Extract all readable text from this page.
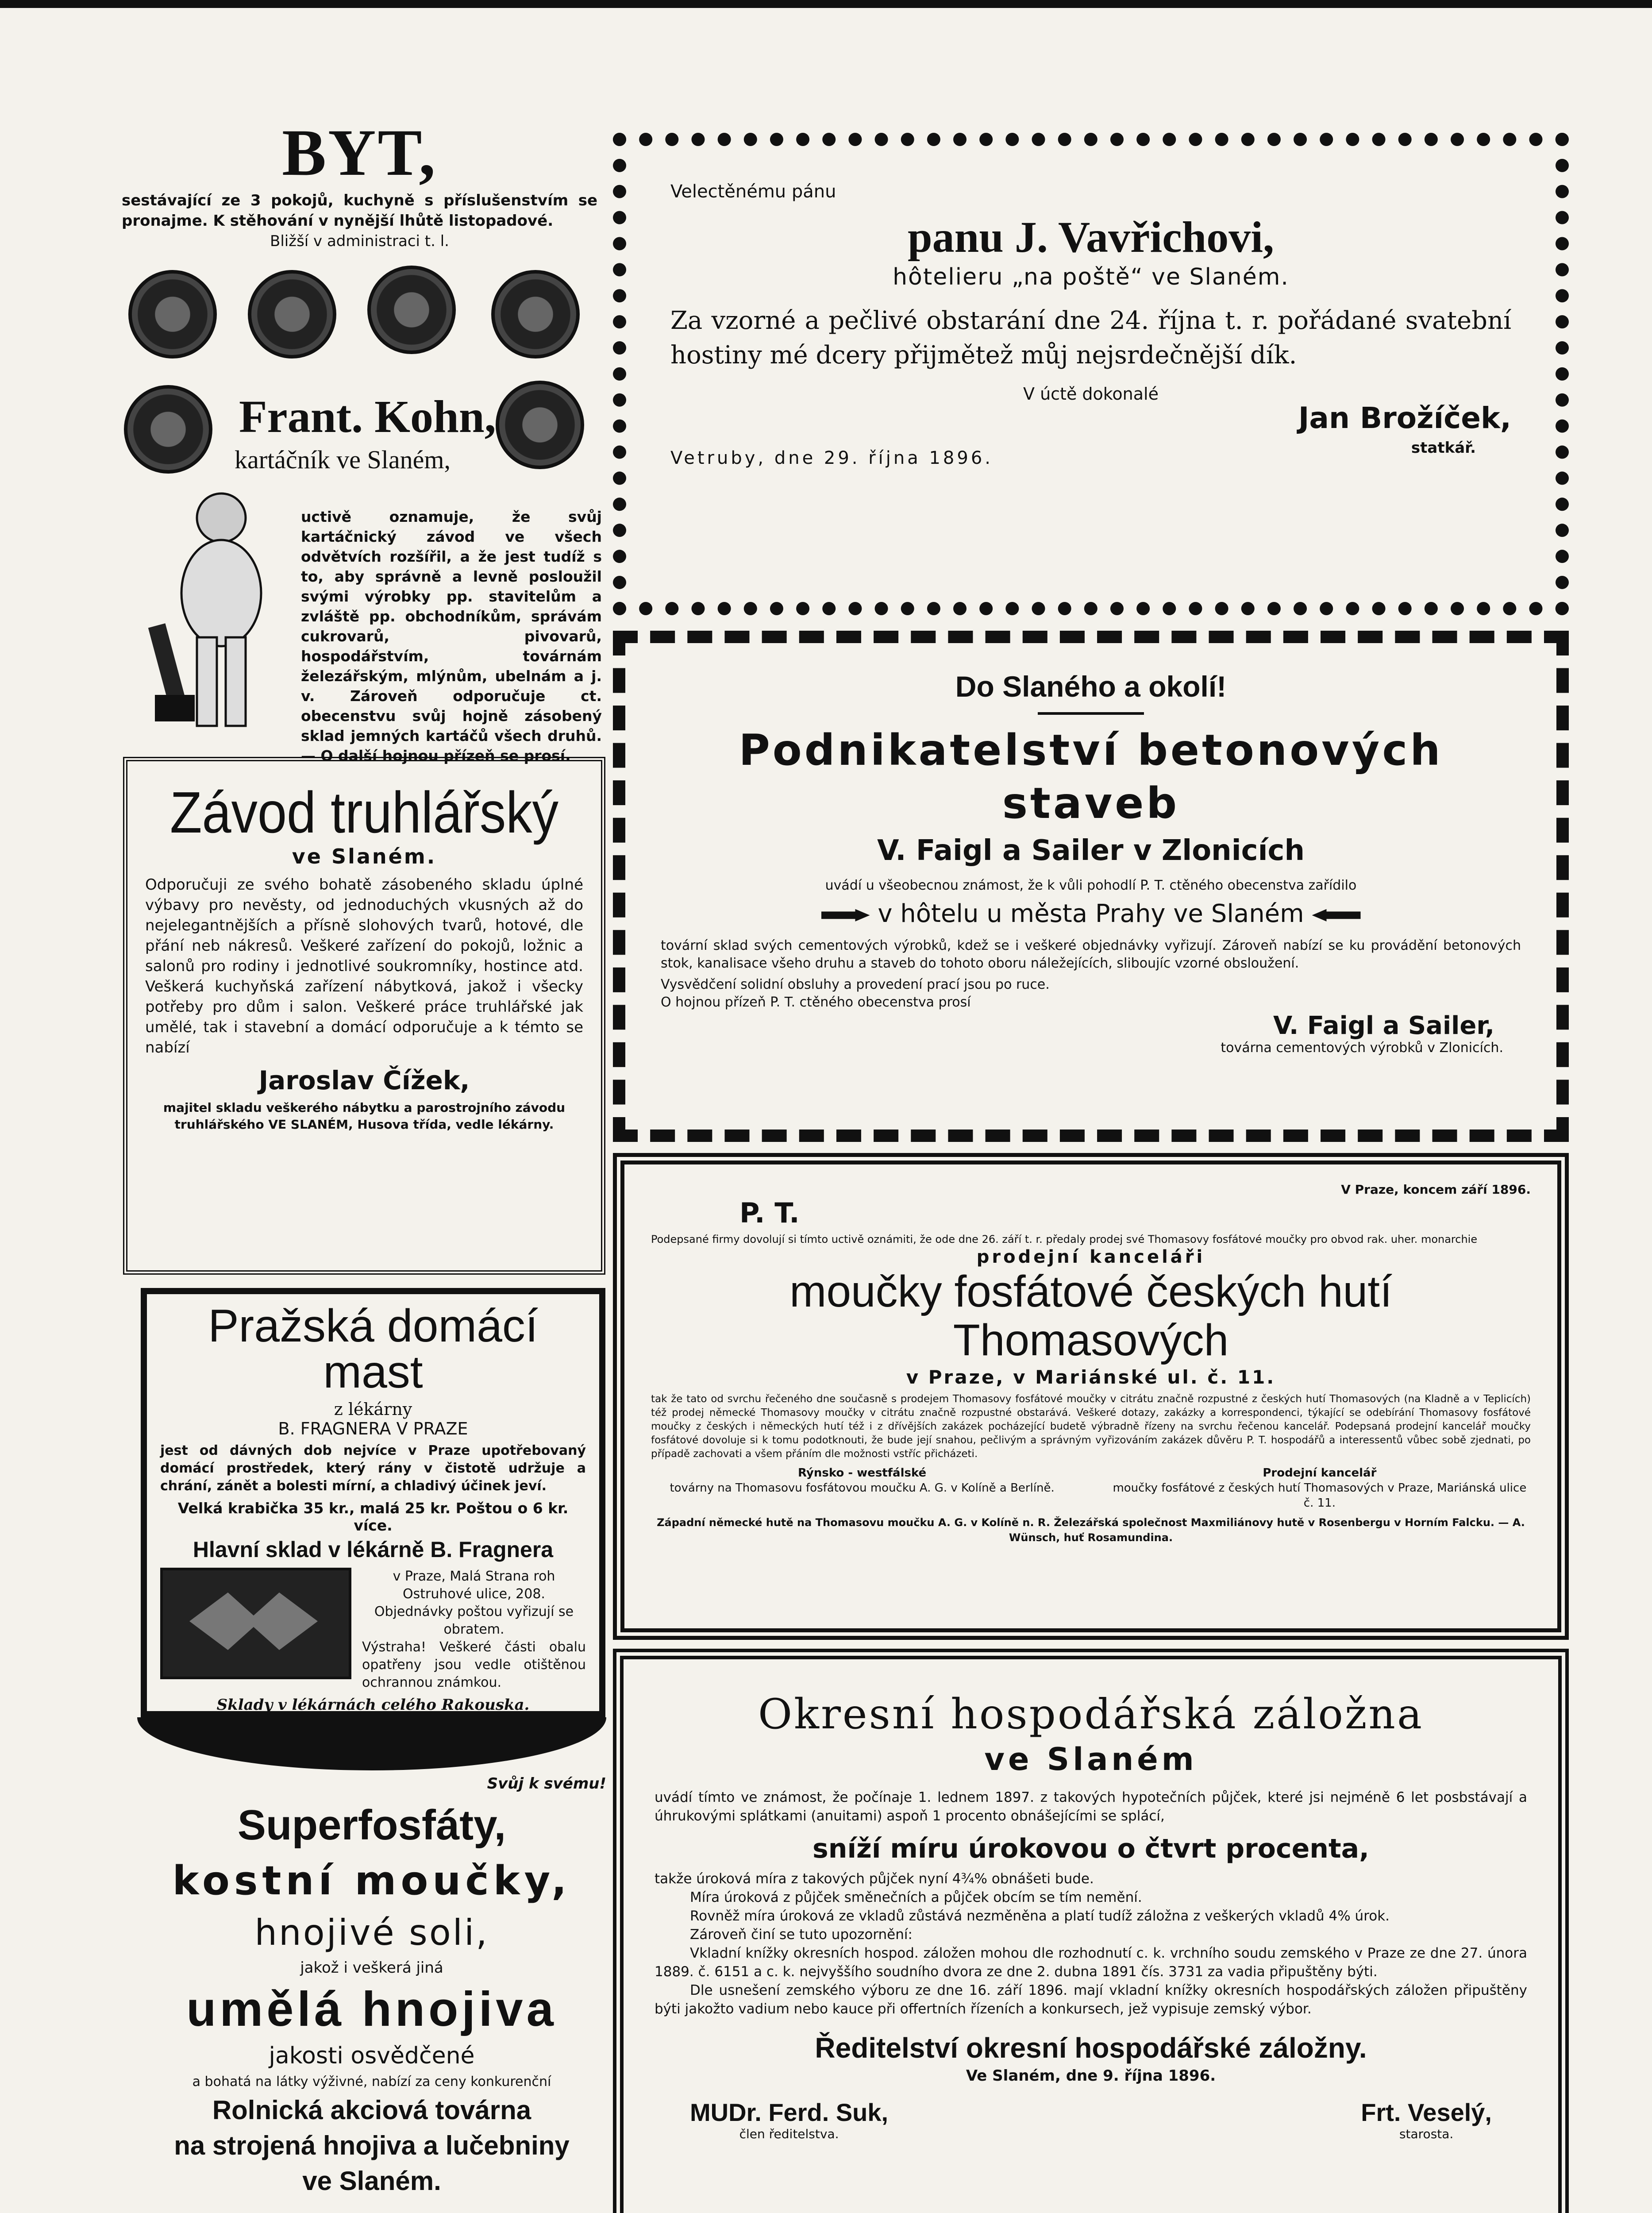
BYT,

sestávající ze 3 pokojů, kuchyně s příslušenstvím se pronajme. K stěhování v nynější lhůtě listopadové.

Bližší v administraci t. l.

Frant. Kohn,
kartáčník ve Slaném,

uctivě oznamuje, že svůj kartáčnický závod ve všech odvětvích rozšířil, a že jest tudíž s to, aby správně a levně posloužil svými výrobky pp. stavitelům a zvláště pp. obchodníkům, správám cukrovarů, pivovarů, hospodářstvím, továrnám železářským, mlýnům, ubelnám a j. v. Zároveň odporučuje ct. obecenstvu svůj hojně zásobený sklad jemných kartáčů všech druhů. — O další hojnou přízeň se prosí.

Závod truhlářský
ve Slaném.

Odporučuji ze svého bohatě zásobeného skladu úplné výbavy pro nevěsty, od jednoduchých vkusných až do nejelegantnějších a přísně slohových tvarů, hotové, dle přání neb nákresů. Veškeré zařízení do pokojů, ložnic a salonů pro rodiny i jednotlivé soukromníky, hostince atd. Veškerá kuchyňská zařízení nábytková, jakož i všecky potřeby pro dům i salon. Veškeré práce truhlářské jak umělé, tak i stavební a domácí odporučuje a k témto se nabízí

Jaroslav Čížek,

majitel skladu veškerého nábytku a parostrojního závodu truhlářského VE SLANÉM, Husova třída, vedle lékárny.

Pražská domácí mast

z lékárny

B. FRAGNERA V PRAZE

jest od dávných dob nejvíce v Praze upotřebovaný domácí prostředek, který rány v čistotě udržuje a chrání, zánět a bolesti mírní, a chladivý účinek jeví.

Velká krabička 35 kr., malá 25 kr. Poštou o 6 kr. více.

Hlavní sklad v lékárně B. Fragnera

v Praze, Malá Strana roh Ostruhové ulice, 208.

Objednávky poštou vyřizují se obratem.

Výstraha! Veškeré části obalu opatřeny jsou vedle otištěnou ochrannou známkou.

Sklady v lékárnách celého Rakouska.

Svůj k svému!

Superfosfáty,

kostní moučky,

hnojivé soli,

jakož i veškerá jiná

umělá hnojiva

jakosti osvědčené

a bohatá na látky výživné, nabízí za ceny konkurenční

Rolnická akciová továrna

na strojená hnojiva a lučebniny

ve Slaném.

Velectěnému pánu

panu J. Vavřichovi,

hôtelieru „na poště“ ve Slaném.

Za vzorné a pečlivé obstarání dne 24. října t. r. pořádané svatební hostiny mé dcery přijmětež můj nejsrdečnější dík.

V úctě dokonalé

Vetruby, dne 29. října 1896.

Jan Brožíček,

statkář.

Do Slaného a okolí!

Podnikatelství betonových staveb

V. Faigl a Sailer v Zlonicích

uvádí u všeobecnou známost, že k vůli pohodlí P. T. ctěného obecenstva zařídilo

v hôtelu u města Prahy ve Slaném

tovární sklad svých cementových výrobků, kdež se i veškeré objednávky vyřizují. Zároveň nabízí se ku provádění betonových stok, kanalisace všeho druhu a staveb do tohoto oboru náležejících, sliboujíc vzorné obsloužení.

Vysvědčení solidní obsluhy a provedení prací jsou po ruce.

O hojnou přízeň P. T. ctěného obecenstva prosí

V. Faigl a Sailer,

továrna cementových výrobků v Zlonicích.

V Praze, koncem září 1896.

P. T.

Podepsané firmy dovolují si tímto uctivě oznámiti, že ode dne 26. září t. r. předaly prodej své Thomasovy fosfátové moučky pro obvod rak. uher. monarchie

prodejní kanceláři

moučky fosfátové českých hutí Thomasových

v Praze, v Mariánské ul. č. 11.

tak že tato od svrchu řečeného dne současně s prodejem Thomasovy fosfátové moučky v citrátu značně rozpustné z českých hutí Thomasových (na Kladně a v Teplicích) též prodej německé Thomasovy moučky v citrátu značně rozpustné obstarává. Veškeré dotazy, zakázky a korrespondenci, týkající se odebírání Thomasovy fosfátové moučky z českých i německých hutí též i z dřívějších zakázek pocházející budetě výbradně řízeny na svrchu řečenou kancelář. Podepsaná prodejní kancelář moučky fosfátové dovoluje si k tomu podotknouti, že bude její snahou, pečlivým a správným vyřizováním zakázek důvěru P. T. hospodářů a interessentů vůbec sobě zjednati, po případě zachovati a všem přáním dle možnosti vstříc přicházeti.

Rýnsko - westfálské

továrny na Thomasovu fosfátovou moučku A. G. v Kolíně a Berlíně.

Prodejní kancelář

moučky fosfátové z českých hutí Thomasových v Praze, Mariánská ulice č. 11.

Západní německé hutě na Thomasovu moučku A. G. v Kolíně n. R. Železářská společnost Maxmiliánovy hutě v Rosenbergu v Horním Falcku. — A. Wünsch, huť Rosamundina.

Okresní hospodářská záložna

ve Slaném

uvádí tímto ve známost, že počínaje 1. lednem 1897. z takových hypotečních půjček, které jsi nejméně 6 let posbstávají a úhrukovými splátkami (anuitami) aspoň 1 procento obnášejícími se splácí,

sníží míru úrokovou o čtvrt procenta,

takže úroková míra z takových půjček nyní 4¾% obnášeti bude.

Míra úroková z půjček směnečních a půjček obcím se tím nemění.

Rovněž míra úroková ze vkladů zůstává nezměněna a platí tudíž záložna z veškerých vkladů 4% úrok.

Zároveň činí se tuto upozornění:

Vkladní knížky okresních hospod. záložen mohou dle rozhodnutí c. k. vrchního soudu zemského v Praze ze dne 27. února 1889. č. 6151 a c. k. nejvyššího soudního dvora ze dne 2. dubna 1891 čís. 3731 za vadia připuštěny býti.

Dle usnešení zemského výboru ze dne 16. září 1896. mají vkladní knížky okresních hospodářských záložen připuštěny býti jakožto vadium nebo kauce při offertních řízeních a konkursech, jež vypisuje zemský výbor.

Ředitelství okresní hospodářské záložny.

Ve Slaném, dne 9. října 1896.

MUDr. Ferd. Suk,

člen ředitelstva.

Frt. Veselý,

starosta.
